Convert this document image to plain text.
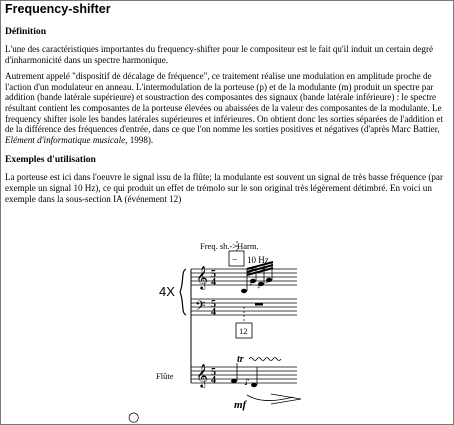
Frequency-shifter
Définition

L'une des caractéristiques importantes du frequency-shifter pour le compositeur est le fait qu'il induit un certain degré d'inharmonicité dans un spectre harmonique.

Autrement appelé "dispositif de décalage de fréquence", ce traitement réalise une modulation en amplitude proche de l'action d'un modulateur en anneau. L'intermodulation de la porteuse (p) et de la modulante (m) produit un spectre par addition (bande latérale supérieure) et soustraction des composantes des signaux (bande latérale inférieure) : le spectre résultant contient les composantes de la porteuse élevées ou abaissées de la valeur des composantes de la modulante. Le frequency shifter isole les bandes latérales supérieures et inférieures. On obtient donc les sorties séparées de l'addition et de la différence des fréquences d'entrée, dans ce que l'on nomme les sorties positives et négatives (d'après Marc Battier, Elément d'informatique musicale, 1998).

Exemples d'utilisation

La porteuse est ici dans l'oeuvre le signal issu de la flûte; la modulante est souvent un signal de très basse fréquence (par exemple un signal 10 Hz), ce qui produit un effet de trémolo sur le son original très légèrement détimbré. En voici un exemple dans la sous-section IA (événement 12)

𝄞
𝄢
𝄞
5
4
5
4
5
4
♯ ♯
♯
♪
tr
Freq. sh.->Harm.
– 10 Hz
4X
12
Flûte
mf
○
